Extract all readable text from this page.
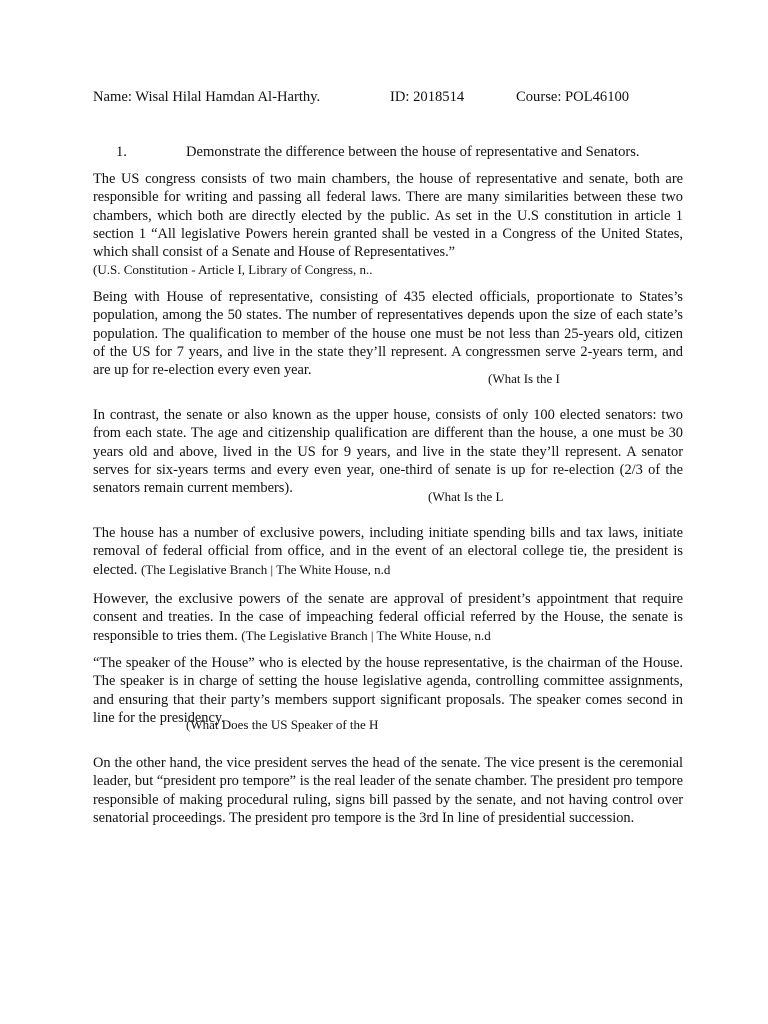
Name: Wisal Hilal Hamdan Al-Harthy.	ID: 2018514	Course: POL46100
1.	Demonstrate the difference between the house of representative and Senators.

The US congress consists of two main chambers, the house of representative and senate, both are responsible for writing and passing all federal laws. There are many similarities between these two chambers, which both are directly elected by the public. As set in the U.S constitution in article 1 section 1 “All legislative Powers herein granted shall be vested in a Congress of the United States, which shall consist of a Senate and House of Representatives.”
(U.S. Constitution - Article I, Library of Congress, n..

Being with House of representative, consisting of 435 elected officials, proportionate to States’s population, among the 50 states. The number of representatives depends upon the size of each state’s population. The qualification to member of the house one must be not less than 25-years old, citizen of the US for 7 years, and live in the state they’ll represent. A congressmen serve 2-years term, and are up for re-election every even year.

In contrast, the senate or also known as the upper house, consists of only 100 elected senators: two from each state. The age and citizenship qualification are different than the house, a one must be 30 years old and above, lived in the US for 9 years, and live in the state they’ll represent. A senator serves for six-years terms and every even year, one-third of senate is up for re-election (2/3 of the senators remain current members).

The house has a number of exclusive powers, including initiate spending bills and tax laws, initiate removal of federal official from office, and in the event of an electoral college tie, the president is elected. (The Legislative Branch | The White House, n.d

However, the exclusive powers of the senate are approval of president’s appointment that require consent and treaties. In the case of impeaching federal official referred by the House, the senate is responsible to tries them. (The Legislative Branch | The White House, n.d

“The speaker of the House” who is elected by the house representative, is the chairman of the House. The speaker is in charge of setting the house legislative agenda, controlling committee assignments, and ensuring that their party’s members support significant proposals. The speaker comes second in line for the presidency.

On the other hand, the vice president serves the head of the senate. The vice present is the ceremonial leader, but “president pro tempore” is the real leader of the senate chamber. The president pro tempore responsible of making procedural ruling, signs bill passed by the senate, and not having control over senatorial proceedings. The president pro tempore is the 3rd In line of presidential succession.

(What Is the I
(What Is the L
(What Does the US Speaker of the H
